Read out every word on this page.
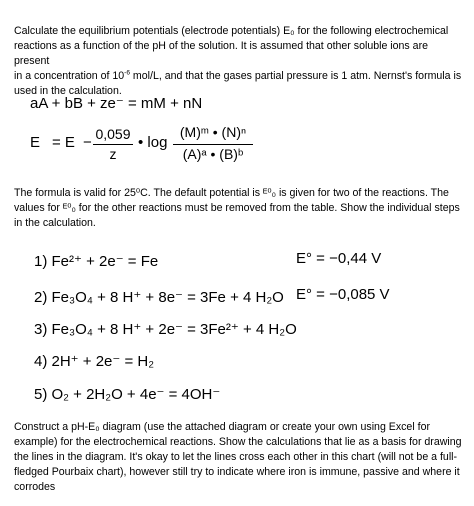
Calculate the equilibrium potentials (electrode potentials) E₀ for the following electrochemical
reactions as a function of the pH of the solution. It is assumed that other soluble ions are present
in a concentration of $10^{-6}$ mol/L, and that the gases partial pressure is 1 atm. Nernst's formula is
used in the calculation.
aA + bB + ze⁻ = mM + nN
E = E − 0,059
z
• log
(M)ᵐ • (N)ⁿ
(A)ᵃ • (B)ᵇ
The formula is valid for 25⁰C. The default potential is ᴱ⁰₀ is given for two of the reactions. The
values for ᴱ⁰₀ for the other reactions must be removed from the table. Show the individual steps
in the calculation.
1) Fe²⁺ + 2e⁻ = Fe	E° = −0,44 V
2) Fe₃O₄ + 8 H⁺ + 8e⁻ = 3Fe + 4 H₂O E° = −0,085 V
3) Fe₃O₄ + 8 H⁺ + 2e⁻ = 3Fe²⁺ + 4 H₂O
4) 2H⁺ + 2e⁻ = H₂
5) O₂ + 2H₂O + 4e⁻ = 4OH⁻
Construct a pH-E₀ diagram (use the attached diagram or create your own using Excel for
example) for the electrochemical reactions. Show the calculations that lie as a basis for drawing
the lines in the diagram. It's okay to let the lines cross each other in this chart (will not be a full-
fledged Pourbaix chart), however still try to indicate where iron is immune, passive and where it
corrodes
